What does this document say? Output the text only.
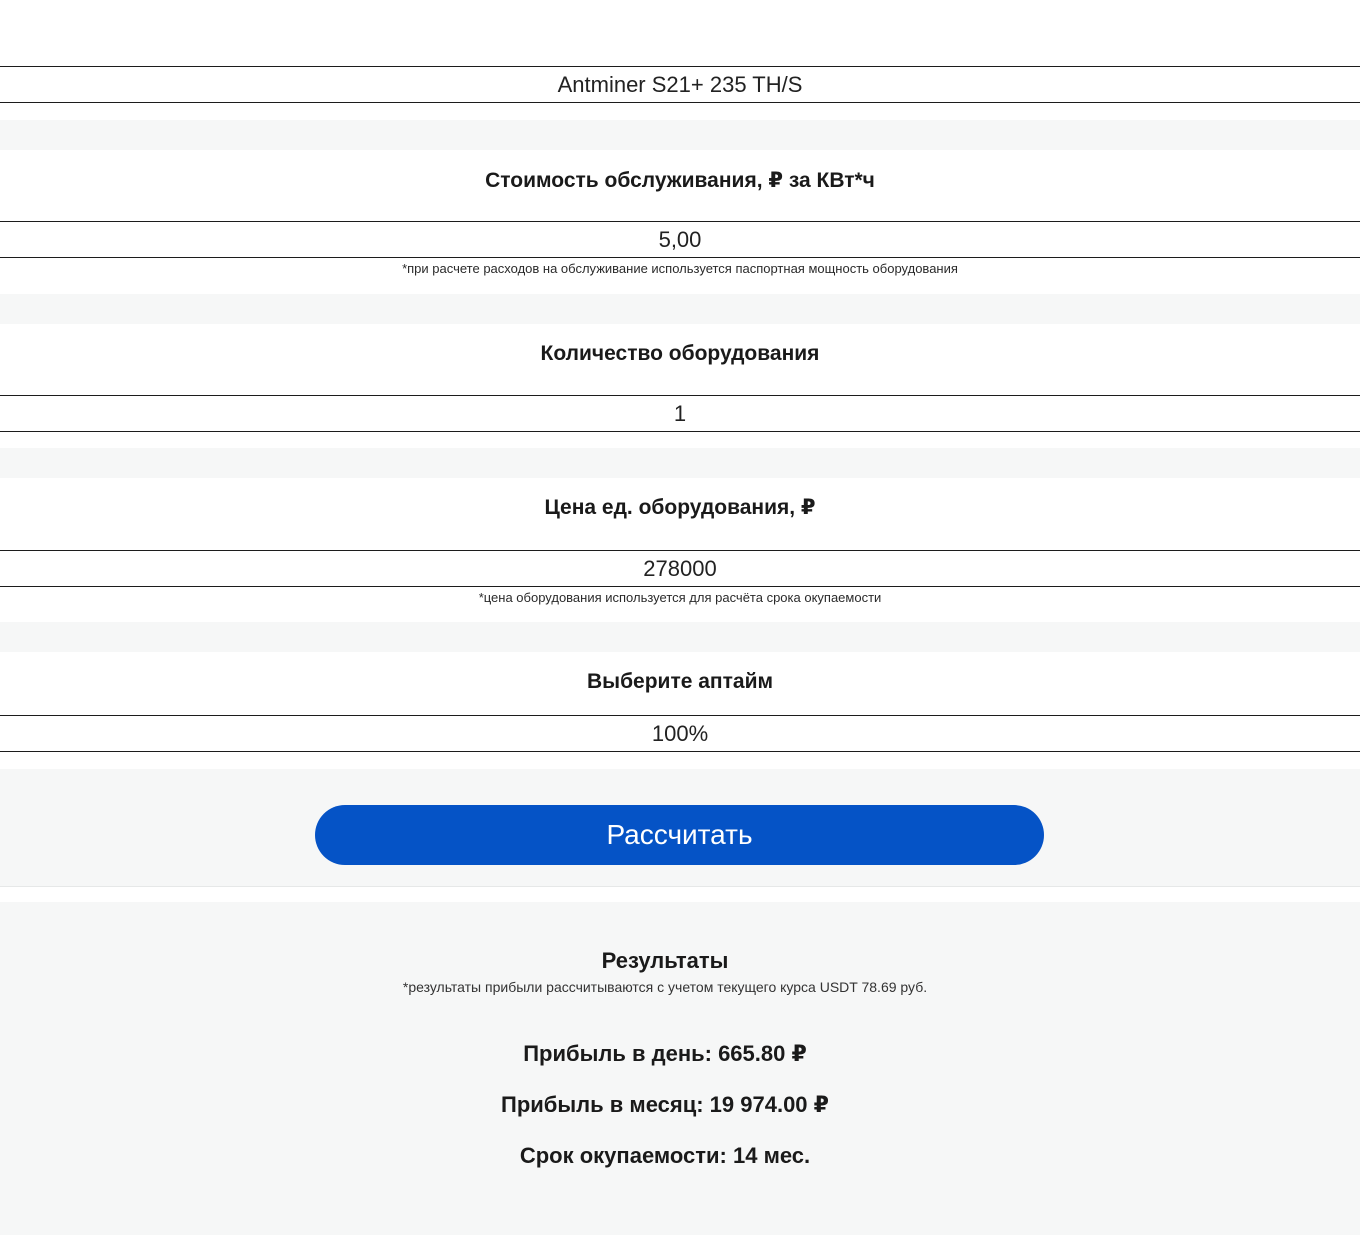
Antminer S21+ 235 TH/S
Стоимость обслуживания, ₽ за КВт*ч
5,00
*при расчете расходов на обслуживание используется паспортная мощность оборудования
Количество оборудования
1
Цена ед. оборудования, ₽
278000
*цена оборудования используется для расчёта срока окупаемости
Выберите аптайм
100%
Рассчитать
Результаты
*результаты прибыли рассчитываются с учетом текущего курса USDT 78.69 руб.
Прибыль в день: 665.80 ₽
Прибыль в месяц: 19 974.00 ₽
Срок окупаемости: 14 мес.
